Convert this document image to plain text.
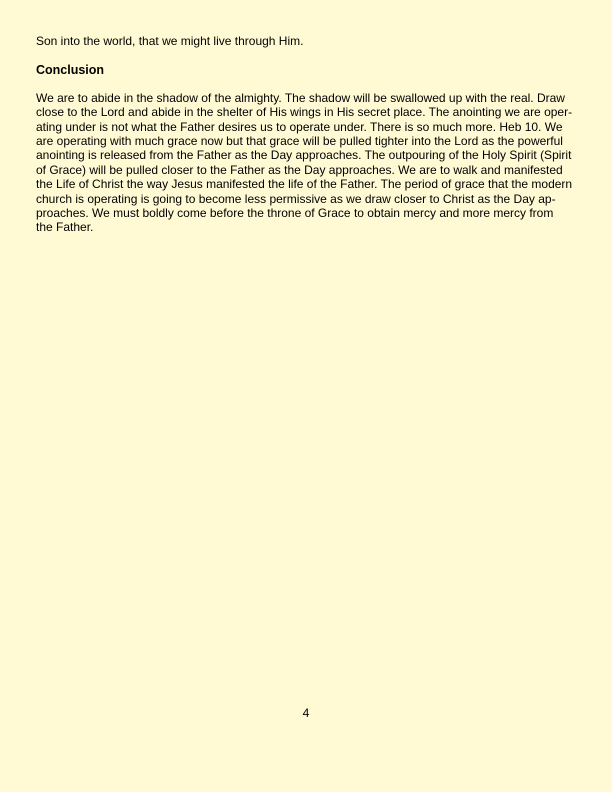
Son into the world, that we might live through Him.

Conclusion

We are to abide in the shadow of the almighty. The shadow will be swallowed up with the real. Draw
close to the Lord and abide in the shelter of His wings in His secret place. The anointing we are oper-
ating under is not what the Father desires us to operate under. There is so much more. Heb 10. We
are operating with much grace now but that grace will be pulled tighter into the Lord as the powerful
anointing is released from the Father as the Day approaches. The outpouring of the Holy Spirit (Spirit
of Grace) will be pulled closer to the Father as the Day approaches. We are to walk and manifested
the Life of Christ the way Jesus manifested the life of the Father. The period of grace that the modern
church is operating is going to become less permissive as we draw closer to Christ as the Day ap-
proaches. We must boldly come before the throne of Grace to obtain mercy and more mercy from
the Father.
4
